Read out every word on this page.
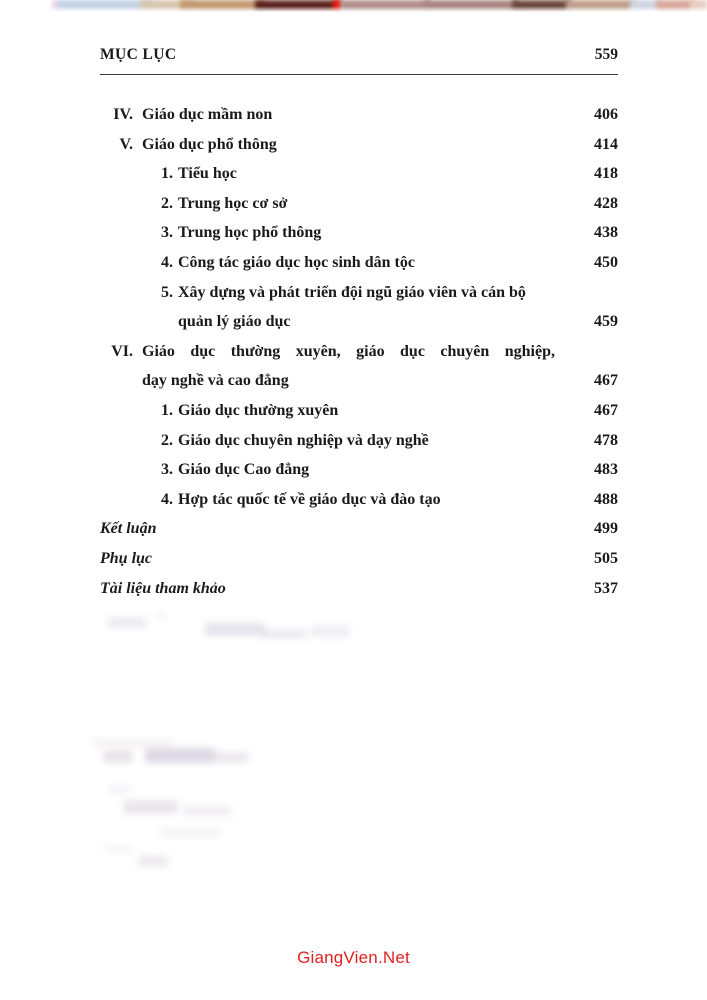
MỤC LỤC	559
IV. Giáo dục mầm non	406
V. Giáo dục phổ thông	414
1 . Tiểu học	418
2 . Trung học cơ sở	428
3 . Trung học phổ thông	438
4 . Công tác giáo dục học sinh dân tộc	450
5 . Xây dựng và phát triển đội ngũ giáo viên và cán bộ
quản lý giáo dục	459
VI. Giáo dục thường xuyên, giáo dục chuyên nghiệp,
dạy nghề và cao đẳng	467
1 . Giáo dục thường xuyên	467
2 . Giáo dục chuyên nghiệp và dạy nghề	478
3 . Giáo dục Cao đẳng	483
4 . Hợp tác quốc tế về giáo dục và đào tạo	488
Kết luận	499
Phụ lục	505
Tài liệu tham khảo	537
GiangVien.Net
